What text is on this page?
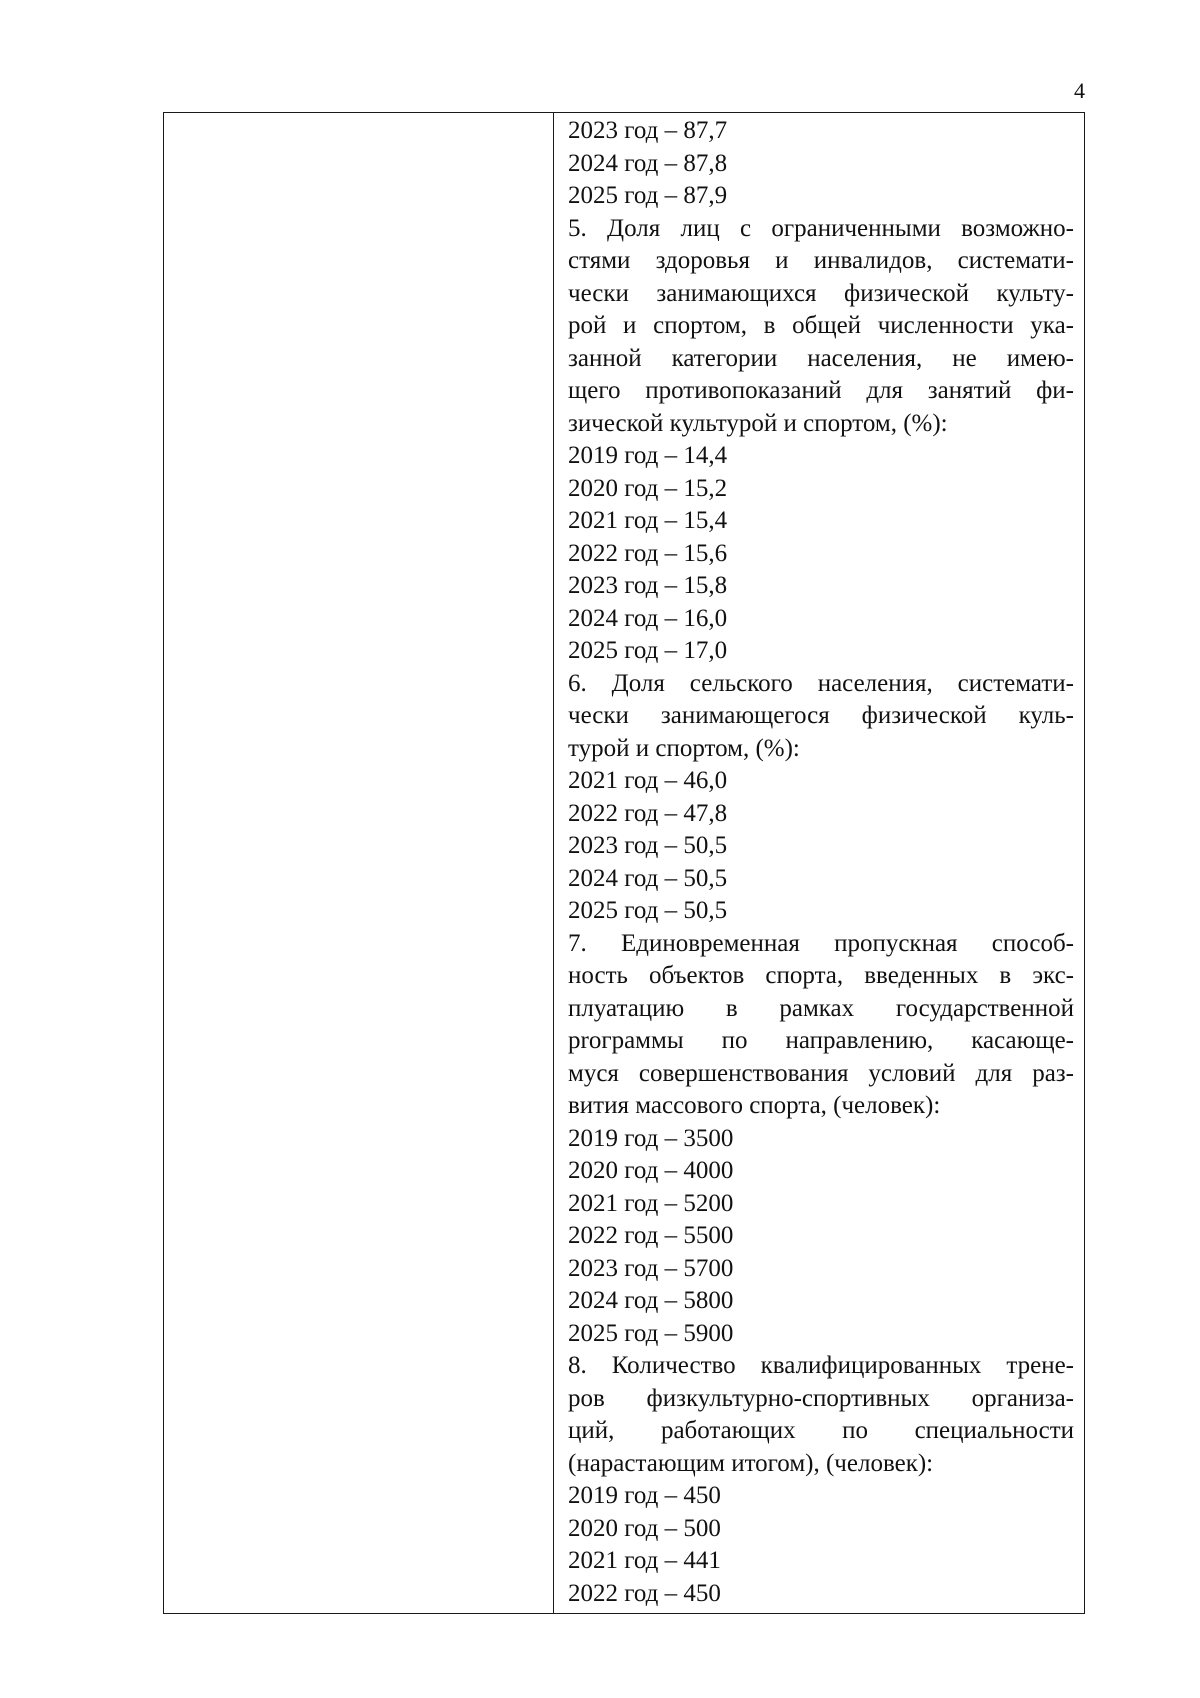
4
2023 год – 87,7
2024 год – 87,8
2025 год – 87,9
5. Доля лиц с ограниченными возможно-
стями здоровья и инвалидов, системати-
чески занимающихся физической культу-
рой и спортом, в общей численности ука-
занной категории населения, не имею-
щего противопоказаний для занятий фи-
зической культурой и спортом, (%):
2019 год – 14,4
2020 год – 15,2
2021 год – 15,4
2022 год – 15,6
2023 год – 15,8
2024 год – 16,0
2025 год – 17,0
6. Доля сельского населения, системати-
чески занимающегося физической куль-
турой и спортом, (%):
2021 год – 46,0
2022 год – 47,8
2023 год – 50,5
2024 год – 50,5
2025 год – 50,5
7. Единовременная пропускная способ-
ность объектов спорта, введенных в экс-
плуатацию в рамках государственной
рrограммы по направлению, касающе-
муся совершенствования условий для раз-
вития массового спорта, (человек):
2019 год – 3500
2020 год – 4000
2021 год – 5200
2022 год – 5500
2023 год – 5700
2024 год – 5800
2025 год – 5900
8. Количество квалифицированных трене-
ров физкультурно-спортивных организа-
ций, работающих по специальности
(нарастающим итогом), (человек):
2019 год – 450
2020 год – 500
2021 год – 441
2022 год – 450
